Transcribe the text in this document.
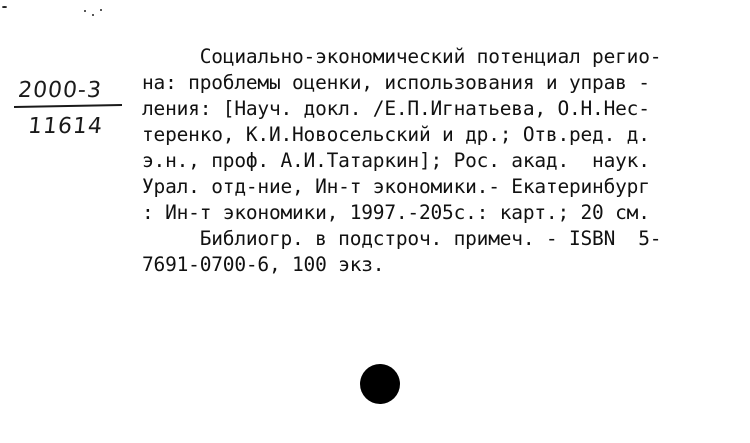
2000-3
11614
Социально-экономический потенциал регио-
на: проблемы оценки, использования и управ -
ления: [Науч. докл. /Е.П.Игнатьева, О.Н.Нес-
теренко, К.И.Новосельский и др.; Отв.ред. д.
э.н., проф. А.И.Татаркин]; Рос. акад.  наук.
Урал. отд-ние, Ин-т экономики.- Екатеринбург
: Ин-т экономики, 1997.-205с.: карт.; 20 см.
Библиогр. в подстроч. примеч. - ISBN  5-
7691-0700-6, 100 экз.
